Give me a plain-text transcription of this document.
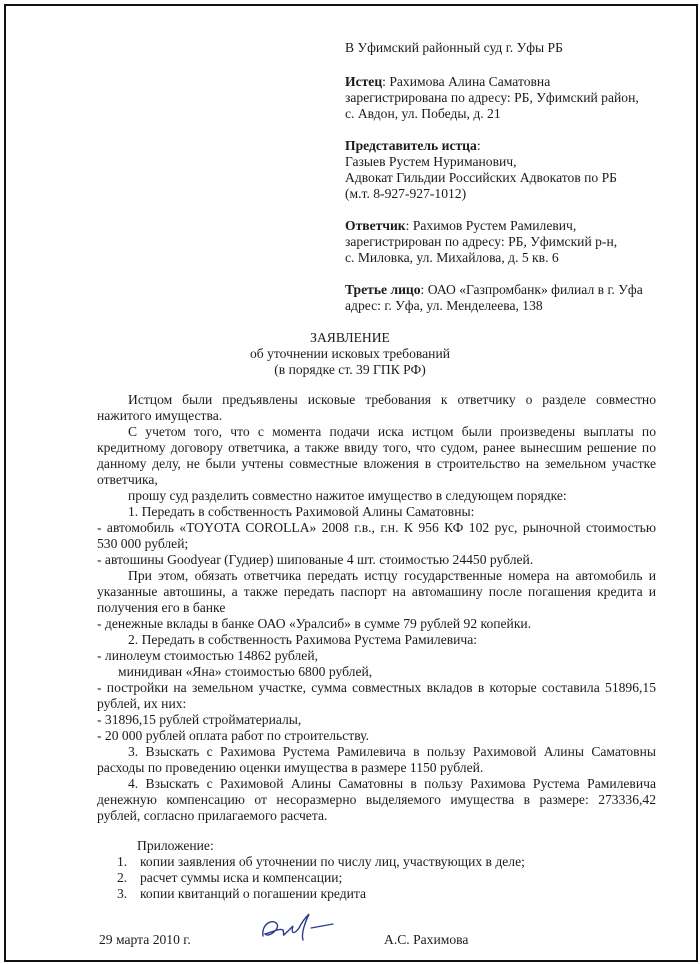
В Уфимский районный суд г. Уфы РБ
Истец: Рахимова Алина Саматовна
зарегистрирована по адресу: РБ, Уфимский район,
с. Авдон, ул. Победы, д. 21
Представитель истца:
Газыев Рустем Нуриманович,
Адвокат Гильдии Российских Адвокатов по РБ
(м.т. 8-927-927-1012)
Ответчик: Рахимов Рустем Рамилевич,
зарегистрирован по адресу: РБ, Уфимский р-н,
с. Миловка, ул. Михайлова, д. 5 кв. 6
Третье лицо: ОАО «Газпромбанк» филиал в г. Уфа
адрес: г. Уфа, ул. Менделеева, 138
ЗАЯВЛЕНИЕ
об уточнении исковых требований
(в порядке ст. 39 ГПК РФ)
Истцом были предъявлены исковые требования к ответчику о разделе совместно
нажитого имущества.
С учетом того, что с момента подачи иска истцом были произведены выплаты по
кредитному договору ответчика, а также ввиду того, что судом, ранее вынесшим решение по
данному делу, не были учтены совместные вложения в строительство на земельном участке
ответчика,
прошу суд разделить совместно нажитое имущество в следующем порядке:
1. Передать в собственность Рахимовой Алины Саматовны:
- автомобиль «TOYOTA COROLLA» 2008 г.в., г.н. К 956 КФ 102 рус, рыночной стоимостью
530 000 рублей;
- автошины Goodyear (Гудиер) шипованые 4 шт. стоимостью 24450 рублей.
При этом, обязать ответчика передать истцу государственные номера на автомобиль и
указанные автошины, а также передать паспорт на автомашину после погашения кредита и
получения его в банке
- денежные вклады в банке ОАО «Уралсиб» в сумме 79 рублей 92 копейки.
2. Передать в собственность Рахимова Рустема Рамилевича:
- линолеум стоимостью 14862 рублей,
минидиван «Яна» стоимостью 6800 рублей,
- постройки на земельном участке, сумма совместных вкладов в которые составила 51896,15
рублей, их них:
- 31896,15 рублей стройматериалы,
- 20 000 рублей оплата работ по строительству.
3. Взыскать с Рахимова Рустема Рамилевича в пользу Рахимовой Алины Саматовны
расходы по проведению оценки имущества в размере 1150 рублей.
4. Взыскать с Рахимовой Алины Саматовны в пользу Рахимова Рустема Рамилевича
денежную компенсацию от несоразмерно выделяемого имущества в размере: 273336,42
рублей, согласно прилагаемого расчета.
Приложение:
1. копии заявления об уточнении по числу лиц, участвующих в деле;
2. расчет суммы иска и компенсации;
3. копии квитанций о погашении кредита
29 марта 2010 г.	А.С. Рахимова
